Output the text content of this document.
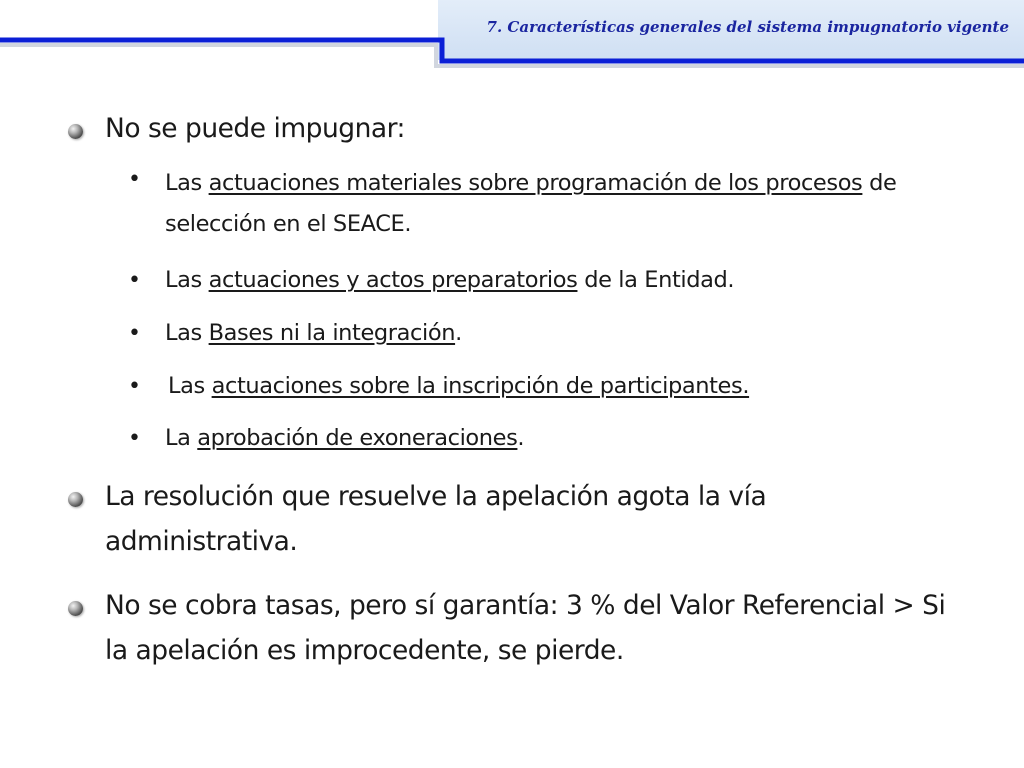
7. Características generales del sistema impugnatorio vigente
No se puede impugnar:
• Las actuaciones materiales sobre programación de los procesos de selección en el SEACE.
• Las actuaciones y actos preparatorios de la Entidad.
• Las Bases ni la integración.
• Las actuaciones sobre la inscripción de participantes.
• La aprobación de exoneraciones.
La resolución que resuelve la apelación agota la vía administrativa.
No se cobra tasas, pero sí garantía: 3 % del Valor Referencial > Si la apelación es improcedente, se pierde.
